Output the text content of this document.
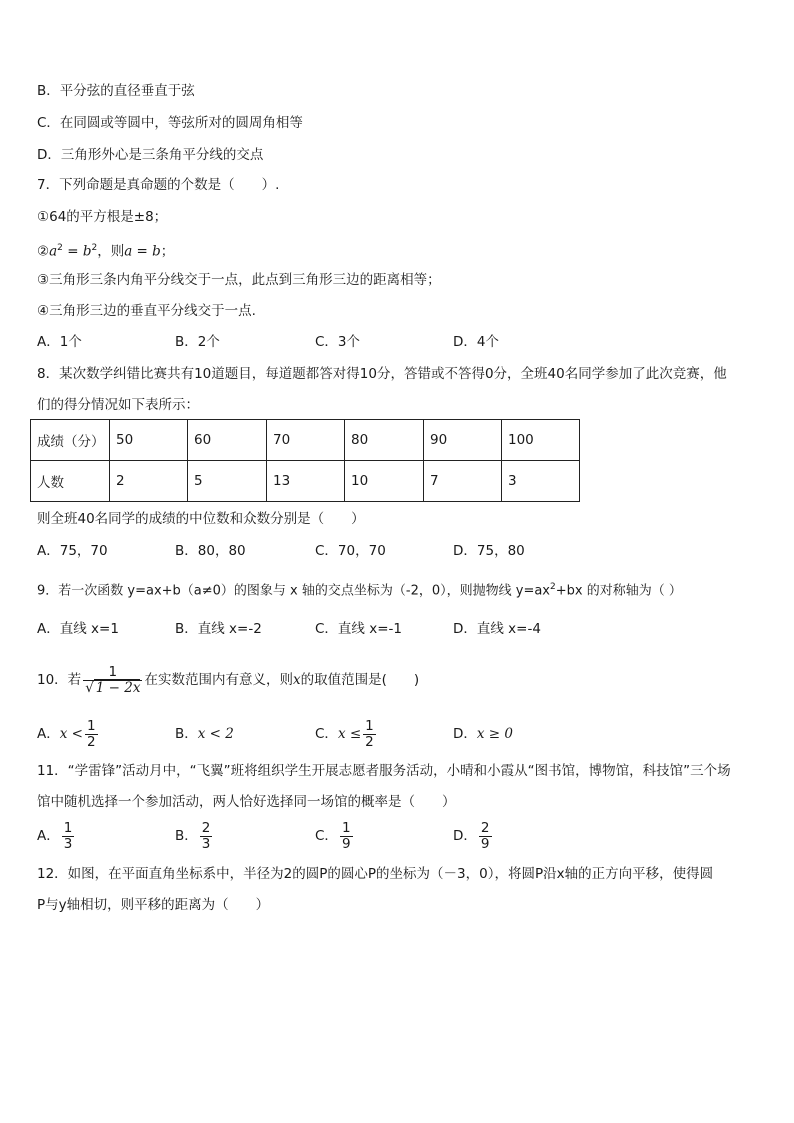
B．平分弦的直径垂直于弦
C．在同圆或等圆中，等弦所对的圆周角相等
D．三角形外心是三条角平分线的交点
7．下列命题是真命题的个数是（　　）.
①64的平方根是±8；
$②a^2 = b^2$，则a = b；
③三角形三条内角平分线交于一点，此点到三角形三边的距离相等；
④三角形三边的垂直平分线交于一点.
A．1个	B．2个	C．3个	D．4个
8．某次数学纠错比赛共有10道题目，每道题都答对得10分，答错或不答得0分，全班40名同学参加了此次竞赛，他
们的得分情况如下表所示：
成绩（分）	50	60	70	80	90	100
人数	2	5	13	10	7	3
则全班40名同学的成绩的中位数和众数分别是（　　）
A．75，70	B．80，80	C．70，70	D．75，80
9．若一次函数 y=ax+b（a≠0）的图象与 x 轴的交点坐标为（-2，0），则抛物线 $y=ax^2+bx$ 的对称轴为（ ）
A．直线 x=1	B．直线 x=-2	C．直线 x=-1	D．直线 x=-4
10．若 $\frac{1}{√ 1 - 2x}$ 在实数范围内有意义，则x的取值范围是(　　)
A．$x < \frac{1}{2}$	B．x < 2	C．$x \le \frac{1}{2}$	D．x ≥ 0
11．“学雷锋”活动月中，“飞翼”班将组织学生开展志愿者服务活动，小晴和小霞从“图书馆，博物馆，科技馆”三个场
馆中随机选择一个参加活动，两人恰好选择同一场馆的概率是（　　）
A． $\frac{1}{3}$	B． $\frac{2}{3}$	C． $\frac{1}{9}$	D． $\frac{2}{9}$
12．如图，在平面直角坐标系中，半径为2的圆P的圆心P的坐标为（－3，0），将圆P沿x轴的正方向平移，使得圆
P与y轴相切，则平移的距离为（　　）
